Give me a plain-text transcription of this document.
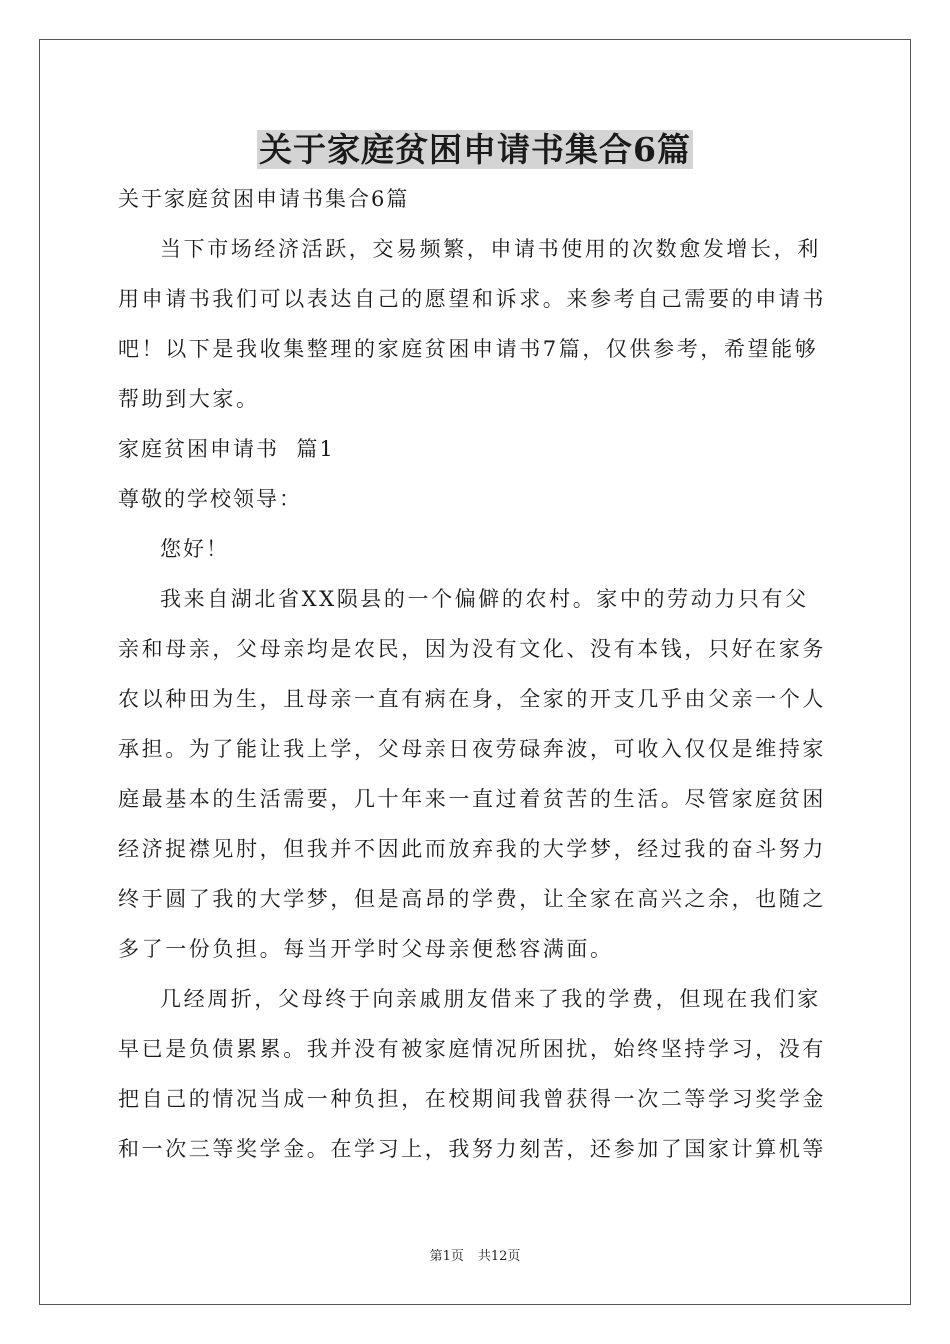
关于家庭贫困申请书集合6篇
关于家庭贫困申请书集合6篇
当下市场经济活跃，交易频繁，申请书使用的次数愈发增长，利
用申请书我们可以表达自己的愿望和诉求。来参考自己需要的申请书
吧！以下是我收集整理的家庭贫困申请书7篇，仅供参考，希望能够
帮助到大家。
家庭贫困申请书  篇1
尊敬的学校领导：
您好！
我来自湖北省XX陨县的一个偏僻的农村。家中的劳动力只有父
亲和母亲，父母亲均是农民，因为没有文化、没有本钱，只好在家务
农以种田为生，且母亲一直有病在身，全家的开支几乎由父亲一个人
承担。为了能让我上学，父母亲日夜劳碌奔波，可收入仅仅是维持家
庭最基本的生活需要，几十年来一直过着贫苦的生活。尽管家庭贫困
经济捉襟见肘，但我并不因此而放弃我的大学梦，经过我的奋斗努力
终于圆了我的大学梦，但是高昂的学费，让全家在高兴之余，也随之
多了一份负担。每当开学时父母亲便愁容满面。
几经周折，父母终于向亲戚朋友借来了我的学费，但现在我们家
早已是负债累累。我并没有被家庭情况所困扰，始终坚持学习，没有
把自己的情况当成一种负担，在校期间我曾获得一次二等学习奖学金
和一次三等奖学金。在学习上，我努力刻苦，还参加了国家计算机等
第1页 共12页
